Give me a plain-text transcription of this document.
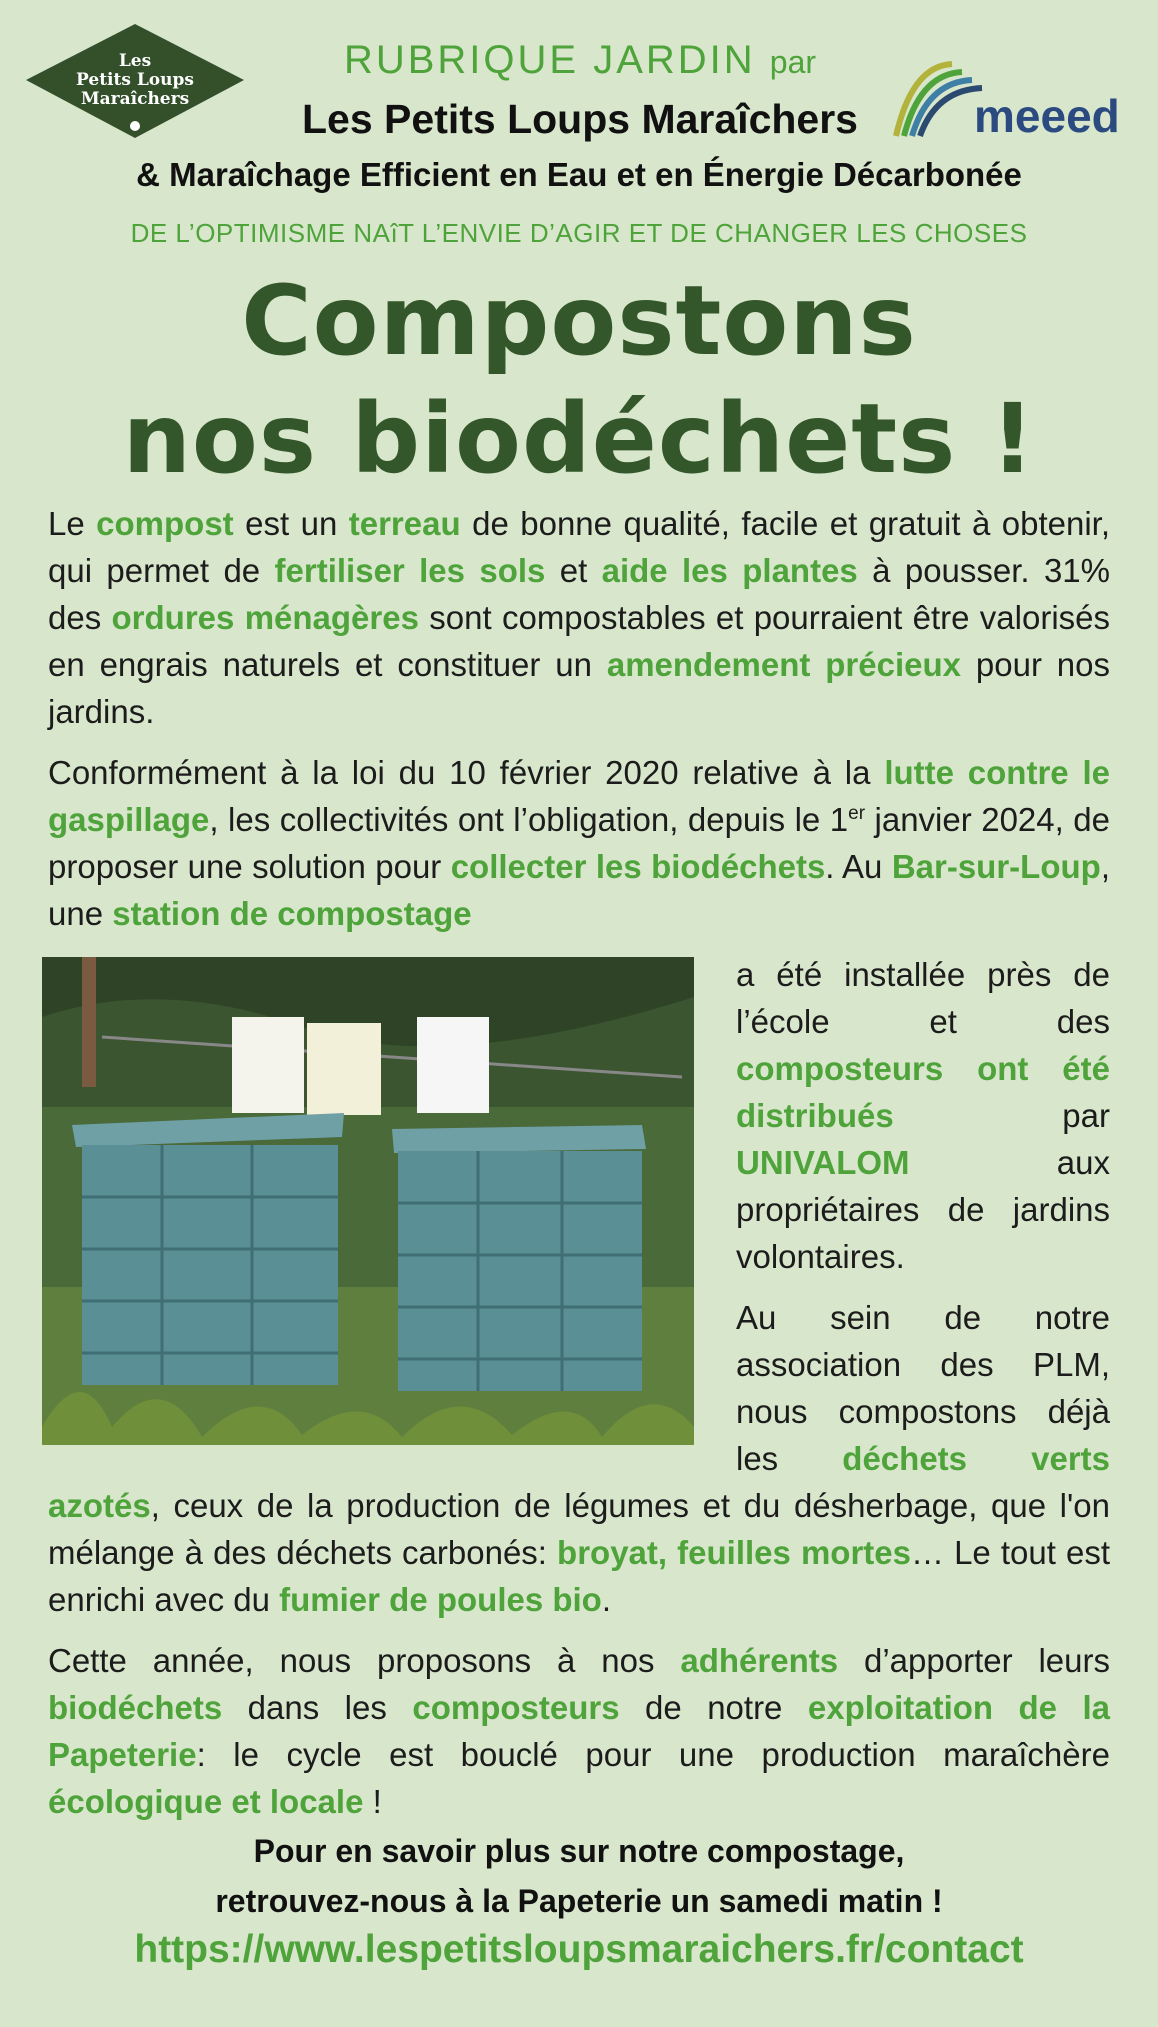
Les
Petits Loups
Maraîchers
RUBRIQUE JARDIN par
Les Petits Loups Maraîchers	meeed
& Maraîchage Efficient en Eau et en Énergie Décarbonée
DE L’OPTIMISME NAîT L’ENVIE D’AGIR ET DE CHANGER LES CHOSES
Compostons
nos biodéchets !

Le compost est un terreau de bonne qualité, facile et gratuit à obtenir, qui permet de fertiliser les sols et aide les plantes à pousser. 31% des ordures ménagères sont compostables et pourraient être valorisés en engrais naturels et constituer un amendement précieux pour nos jardins.

Conformément à la loi du 10 février 2020 relative à la lutte contre le gaspillage, les collectivités ont l’obligation, depuis le 1er janvier 2024, de proposer une solution pour collecter les biodéchets. Au Bar-sur-Loup, une station de compostage

a été installée près de l’école et des composteurs ont été distribués par UNIVALOM aux propriétaires de jardins volontaires.

Au sein de notre association des PLM, nous compostons déjà les déchets verts azotés, ceux de la production de légumes et du désherbage, que l'on mélange à des déchets carbonés: broyat, feuilles mortes… Le tout est enrichi avec du fumier de poules bio.

Cette année, nous proposons à nos adhérents d’apporter leurs biodéchets dans les composteurs de notre exploitation de la Papeterie: le cycle est bouclé pour une production maraîchère écologique et locale !

Pour en savoir plus sur notre compostage,
retrouvez-nous à la Papeterie un samedi matin !
https://www.lespetitsloupsmaraichers.fr/contact
